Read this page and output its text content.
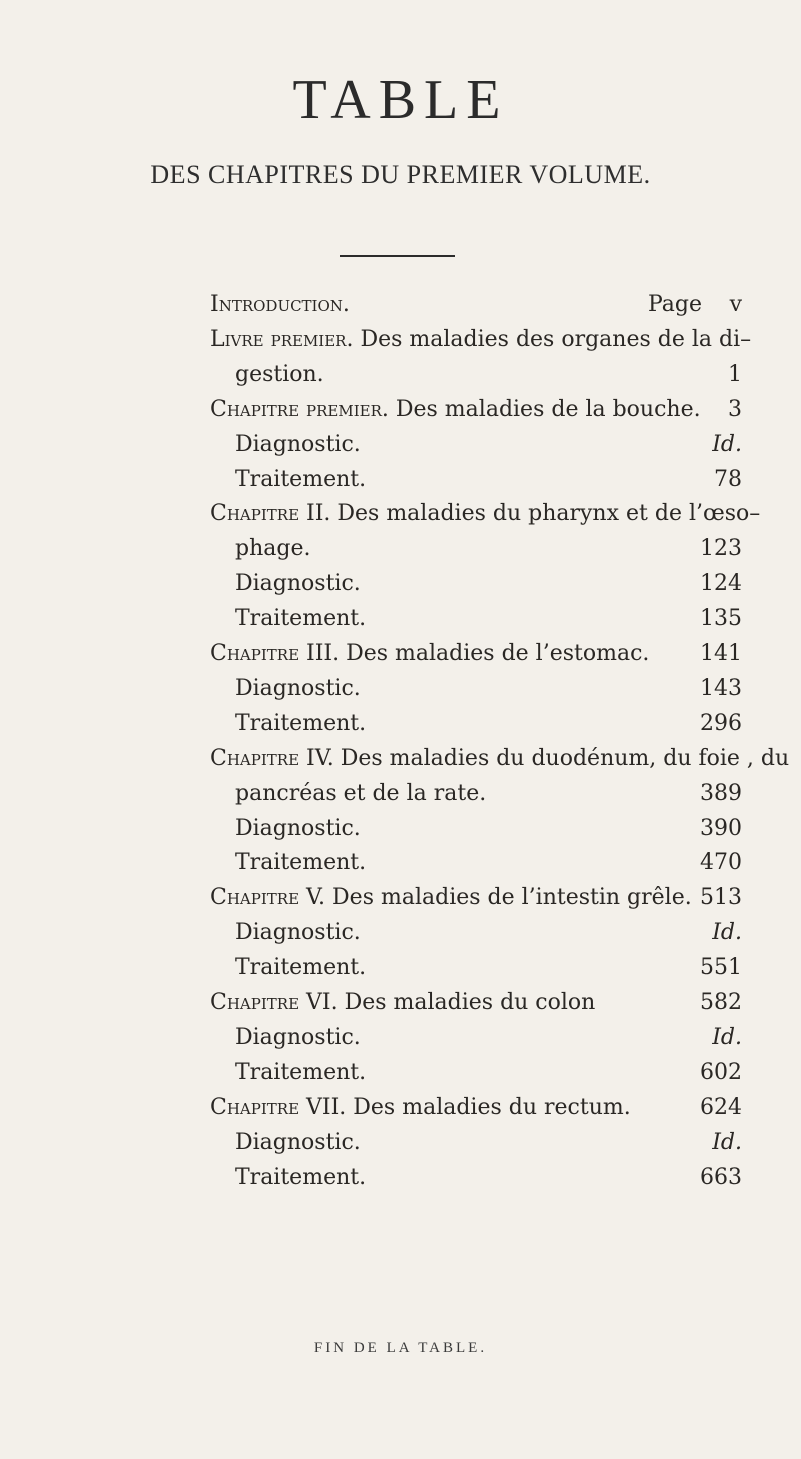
TABLE
DES CHAPITRES DU PREMIER VOLUME.
Introduction.	Page v
Livre premier. Des maladies des organes de la di–
gestion.	1
Chapitre premier. Des maladies de la bouche. 3
Diagnostic.	Id.
Traitement.	78
Chapitre II. Des maladies du pharynx et de l’œso–
phage.	123
Diagnostic.	124
Traitement.	135
Chapitre III. Des maladies de l’estomac. 141
Diagnostic.	143
Traitement.	296
Chapitre IV. Des maladies du duodénum, du foie , du
pancréas et de la rate.	389
Diagnostic.	390
Traitement.	470
Chapitre V. Des maladies de l’intestin grêle. 513
Diagnostic.	Id.
Traitement.	551
Chapitre VI. Des maladies du colon	582
Diagnostic.	Id.
Traitement.	602
Chapitre VII. Des maladies du rectum.	624
Diagnostic.	Id.
Traitement.	663
FIN DE LA TABLE.
